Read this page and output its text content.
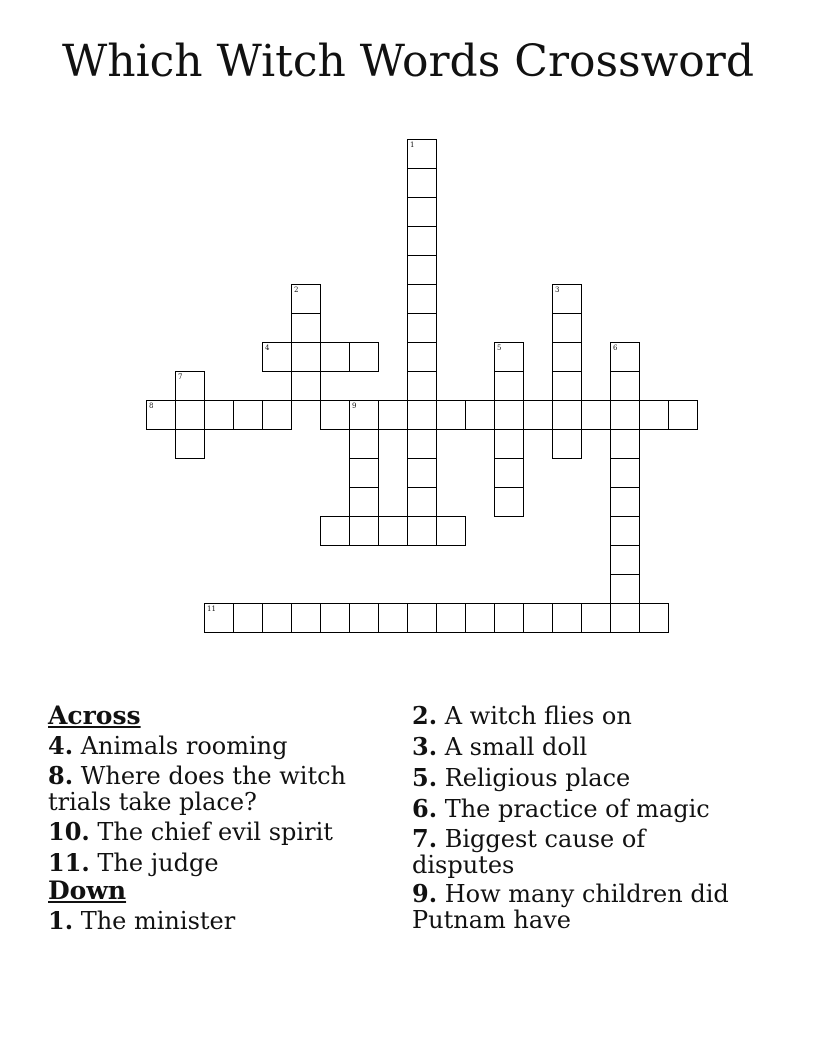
Which Witch Words Crossword
1
2
4
3
5	6
7
8	9
11
Across
4. Animals rooming
8. Where does the witch trials take place?
10. The chief evil spirit
11. The judge
Down
1. The minister
2. A witch flies on
3. A small doll
5. Religious place
6. The practice of magic
7. Biggest cause of disputes
9. How many children did Putnam have
